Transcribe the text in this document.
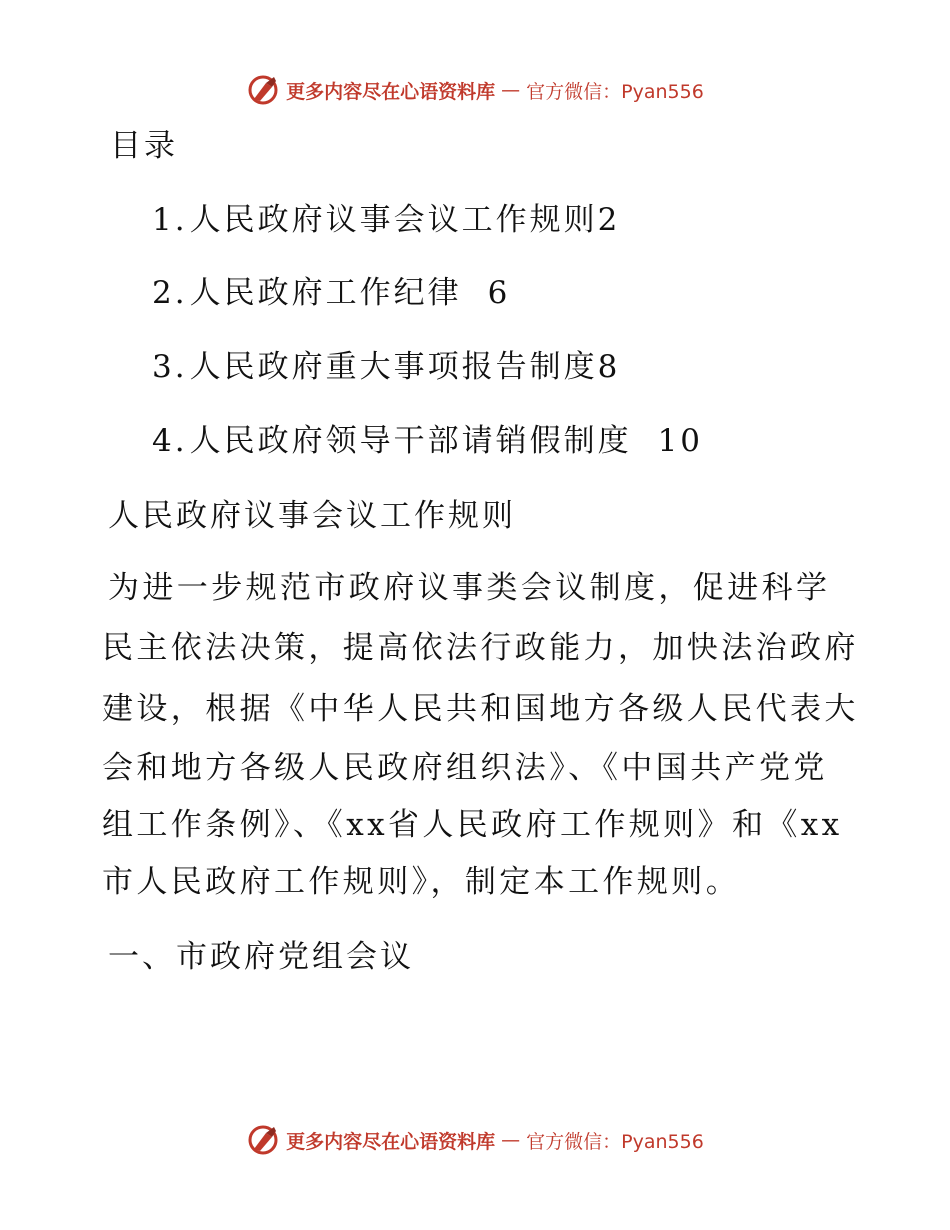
更多内容尽在心语资料库 — 官方微信：Pyan556
目录
1.人民政府议事会议工作规则2
2.人民政府工作纪律 6
3.人民政府重大事项报告制度8
4.人民政府领导干部请销假制度 10
人民政府议事会议工作规则
为进一步规范市政府议事类会议制度，促进科学
民主依法决策，提高依法行政能力，加快法治政府
建设，根据《中华人民共和国地方各级人民代表大
会和地方各级人民政府组织法》、《中国共产党党
组工作条例》、《xx省人民政府工作规则》和《xx
市人民政府工作规则》，制定本工作规则。
一、市政府党组会议
更多内容尽在心语资料库 — 官方微信：Pyan556
